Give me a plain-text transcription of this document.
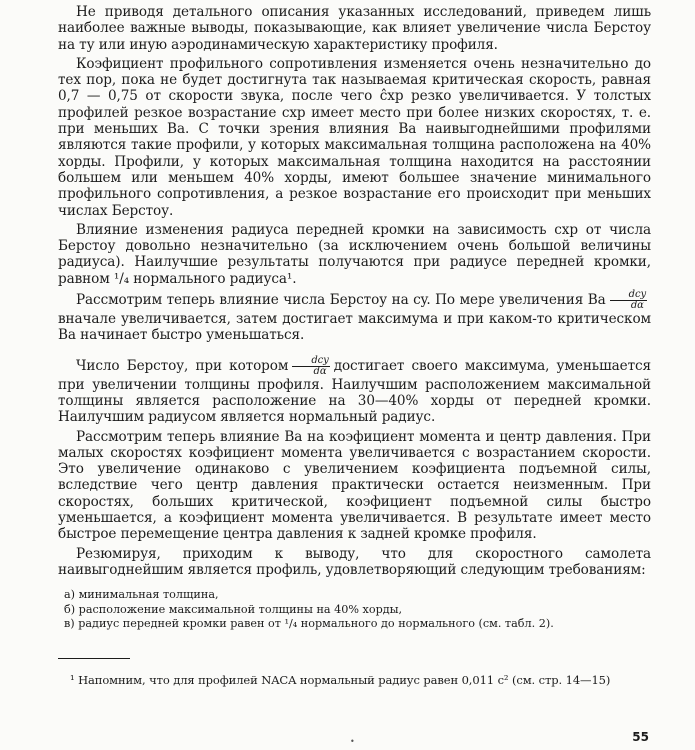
Не приводя детального описания указанных исследований, приведем лишь наиболее важные выводы, показывающие, как влияет увеличение числа Берстоу на ту или иную аэродинамическую характеристику профиля.

Коэфициент профильного сопротивления изменяется очень незначительно до тех пор, пока не будет достигнута так называемая критическая скорость, равная 0,7 — 0,75 от скорости звука, после чего ĉxp резко увеличивается. У толстых профилей резкое возрастание cxp имеет место при более низких скоростях, т. е. при меньших Ba. С точки зрения влияния Ba наивыгоднейшими профилями являются такие профили, у которых максимальная толщина расположена на 40% хорды. Профили, у которых максимальная толщина находится на расстоянии большем или меньшем 40% хорды, имеют большее значение минимального профильного сопротивления, а резкое возрастание его происходит при меньших числах Берстоу.

Влияние изменения радиуса передней кромки на зависимость cxp от числа Берстоу довольно незначительно (за исключением очень большой величины радиуса). Наилучшие результаты получаются при радиусе передней кромки, равном ¹/₄ нормального радиуса¹.

Рассмотрим теперь влияние числа Берстоу на cy. По мере увеличения Ba $\frac{\text{dcy}}{d\alpha}$
вначале увеличивается, затем достигает максимума и при каком-то критическом Ba начинает быстро уменьшаться.

Число Берстоу, при котором $\frac{\text{dcy}}{d\alpha}$ достигает своего максимума, уменьшается при увеличении толщины профиля. Наилучшим расположением максимальной толщины является расположение на 30—40% хорды от передней кромки. Наилучшим радиусом является нормальный радиус.

Рассмотрим теперь влияние Ba на коэфициент момента и центр давления. При малых скоростях коэфициент момента увеличивается с возрастанием скорости. Это увеличение одинаково с увеличением коэфициента подъемной силы, вследствие чего центр давления практически остается неизменным. При скоростях, больших критической, коэфициент подъемной силы быстро уменьшается, а коэфициент момента увеличивается. В результате имеет место быстрое перемещение центра давления к задней кромке профиля.

Резюмируя, приходим к выводу, что для скоростного самолета наивыгоднейшим является профиль, удовлетворяющий следующим требованиям:

а) минимальная толщина,
б) расположение максимальной толщины на 40% хорды,
в) радиус передней кромки равен от ¹/₄ нормального до нормального (см. табл. 2).

¹ Напомним, что для профилей NACA нормальный радиус равен 0,011 c² (см. стр. 14—15)

•	55
